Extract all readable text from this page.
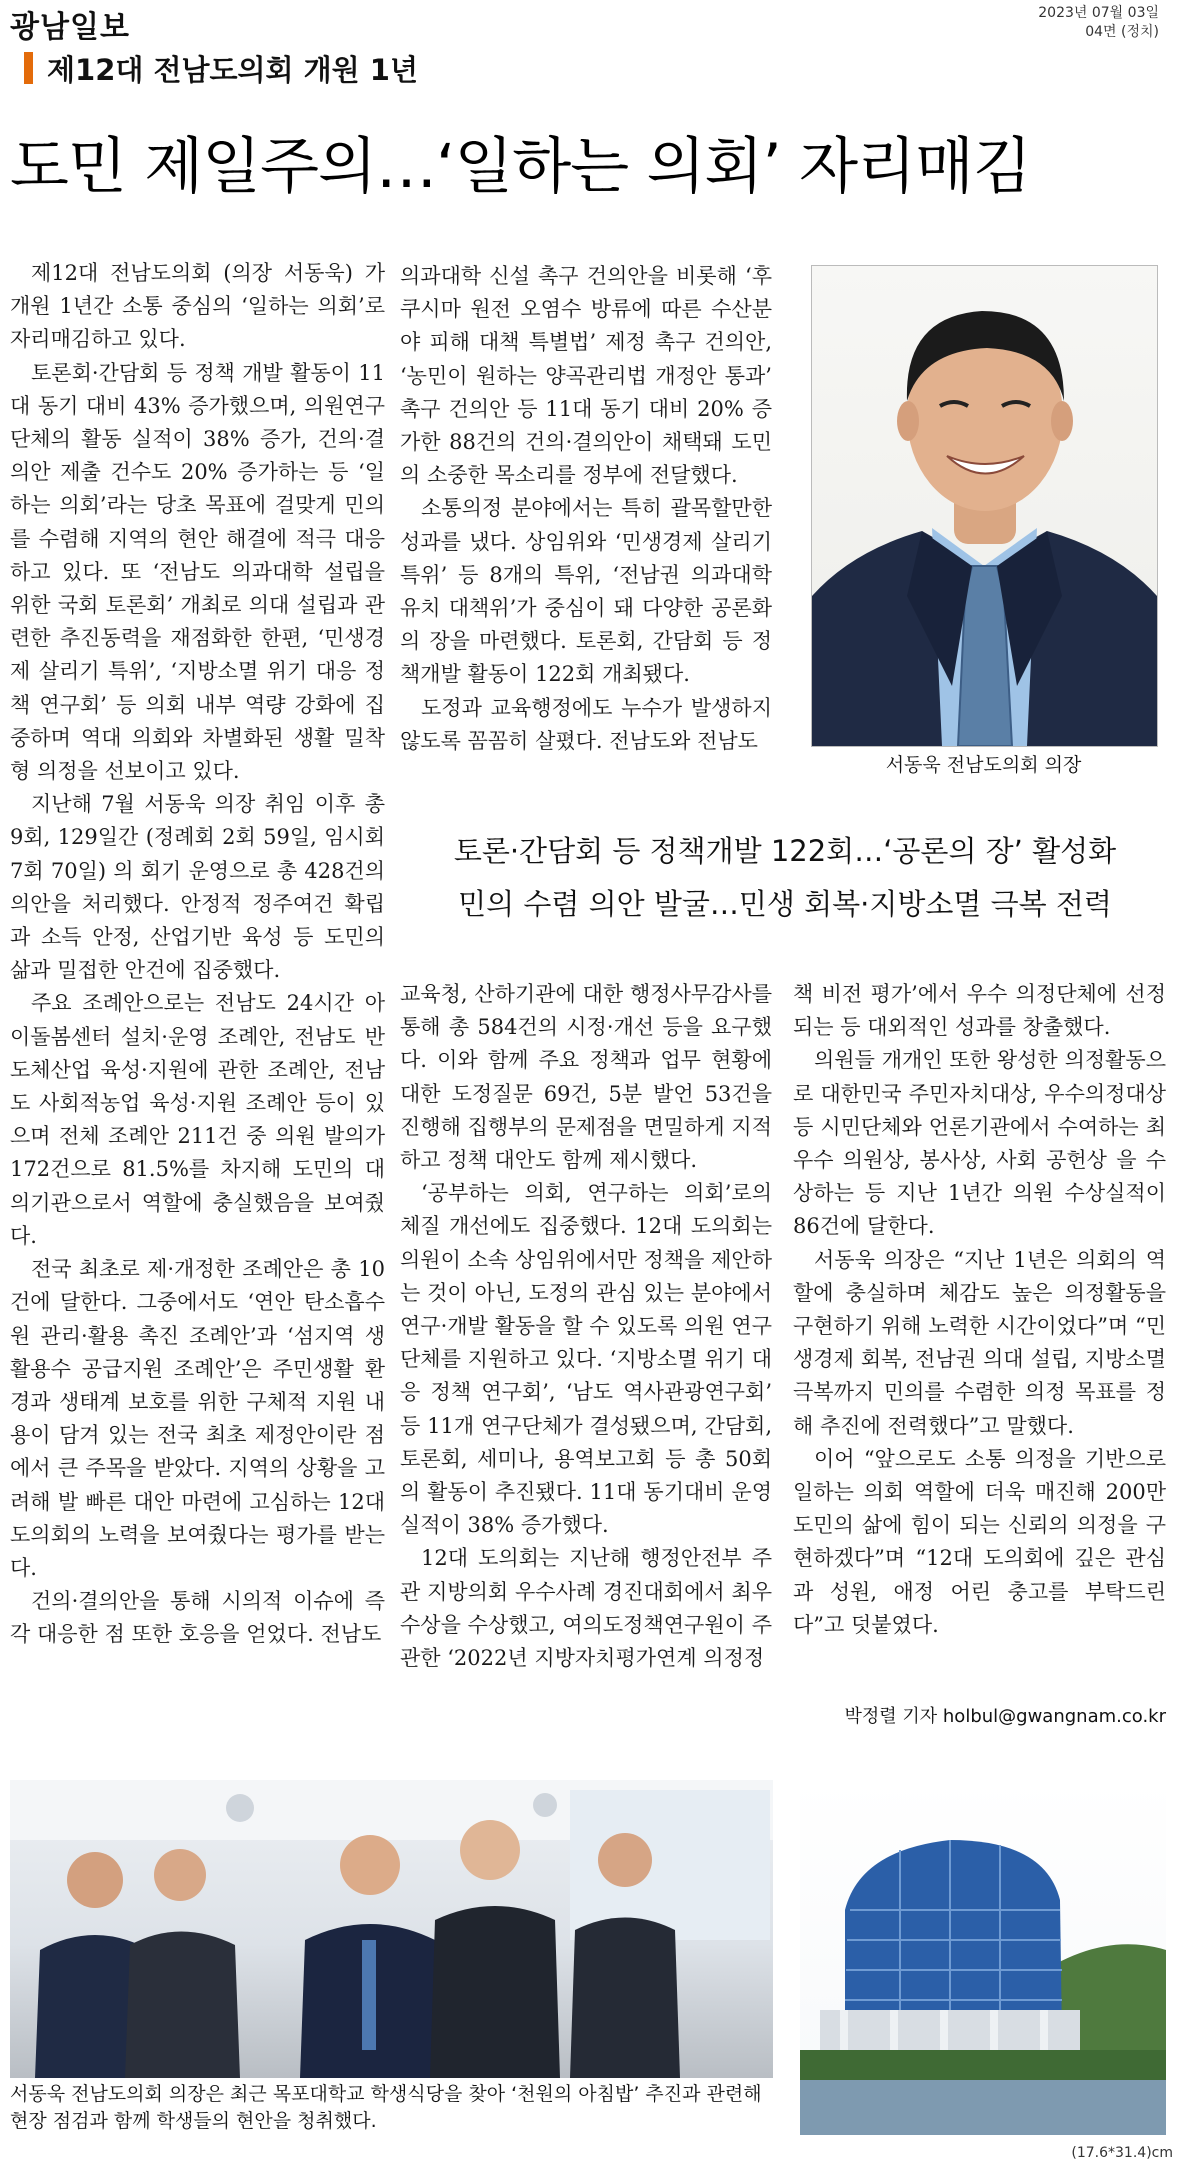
광남일보	2023년 07월 03일
04면 (정치)
제12대 전남도의회 개원 1년
도민 제일주의…‘일하는 의회’ 자리매김

제12대 전남도의회 (의장 서동욱) 가 개원 1년간 소통 중심의 ‘일하는 의회’로 자리매김하고 있다.

토론회·간담회 등 정책 개발 활동이 11대 동기 대비 43% 증가했으며, 의원연구단체의 활동 실적이 38% 증가, 건의·결의안 제출 건수도 20% 증가하는 등 ‘일하는 의회’라는 당초 목표에 걸맞게 민의를 수렴해 지역의 현안 해결에 적극 대응하고 있다. 또 ‘전남도 의과대학 설립을 위한 국회 토론회’ 개최로 의대 설립과 관련한 추진동력을 재점화한 한편, ‘민생경제 살리기 특위’, ‘지방소멸 위기 대응 정책 연구회’ 등 의회 내부 역량 강화에 집중하며 역대 의회와 차별화된 생활 밀착형 의정을 선보이고 있다.

지난해 7월 서동욱 의장 취임 이후 총 9회, 129일간 (정례회 2회 59일, 임시회 7회 70일) 의 회기 운영으로 총 428건의 의안을 처리했다. 안정적 정주여건 확립과 소득 안정, 산업기반 육성 등 도민의 삶과 밀접한 안건에 집중했다.

주요 조례안으로는 전남도 24시간 아이돌봄센터 설치·운영 조례안, 전남도 반도체산업 육성·지원에 관한 조례안, 전남도 사회적농업 육성·지원 조례안 등이 있으며 전체 조례안 211건 중 의원 발의가 172건으로 81.5%를 차지해 도민의 대의기관으로서 역할에 충실했음을 보여줬다.

전국 최초로 제·개정한 조례안은 총 10건에 달한다. 그중에서도 ‘연안 탄소흡수원 관리·활용 촉진 조례안’과 ‘섬지역 생활용수 공급지원 조례안’은 주민생활 환경과 생태계 보호를 위한 구체적 지원 내용이 담겨 있는 전국 최초 제정안이란 점에서 큰 주목을 받았다. 지역의 상황을 고려해 발 빠른 대안 마련에 고심하는 12대 도의회의 노력을 보여줬다는 평가를 받는다.

건의·결의안을 통해 시의적 이슈에 즉각 대응한 점 또한 호응을 얻었다. 전남도

의과대학 신설 촉구 건의안을 비롯해 ‘후쿠시마 원전 오염수 방류에 따른 수산분야 피해 대책 특별법’ 제정 촉구 건의안, ‘농민이 원하는 양곡관리법 개정안 통과’ 촉구 건의안 등 11대 동기 대비 20% 증가한 88건의 건의·결의안이 채택돼 도민의 소중한 목소리를 정부에 전달했다.

소통의정 분야에서는 특히 괄목할만한 성과를 냈다. 상임위와 ‘민생경제 살리기 특위’ 등 8개의 특위, ‘전남권 의과대학 유치 대책위’가 중심이 돼 다양한 공론화의 장을 마련했다. 토론회, 간담회 등 정책개발 활동이 122회 개최됐다.

도정과 교육행정에도 누수가 발생하지 않도록 꼼꼼히 살폈다. 전남도와 전남도

서동욱 전남도의회 의장
토론·간담회 등 정책개발 122회…‘공론의 장’ 활성화
민의 수렴 의안 발굴…민생 회복·지방소멸 극복 전력

교육청, 산하기관에 대한 행정사무감사를 통해 총 584건의 시정·개선 등을 요구했다. 이와 함께 주요 정책과 업무 현황에 대한 도정질문 69건, 5분 발언 53건을 진행해 집행부의 문제점을 면밀하게 지적하고 정책 대안도 함께 제시했다.

‘공부하는 의회, 연구하는 의회’로의 체질 개선에도 집중했다. 12대 도의회는 의원이 소속 상임위에서만 정책을 제안하는 것이 아닌, 도정의 관심 있는 분야에서 연구·개발 활동을 할 수 있도록 의원 연구단체를 지원하고 있다. ‘지방소멸 위기 대응 정책 연구회’, ‘남도 역사관광연구회’ 등 11개 연구단체가 결성됐으며, 간담회, 토론회, 세미나, 용역보고회 등 총 50회의 활동이 추진됐다. 11대 동기대비 운영 실적이 38% 증가했다.

12대 도의회는 지난해 행정안전부 주관 지방의회 우수사례 경진대회에서 최우수상을 수상했고, 여의도정책연구원이 주관한 ‘2022년 지방자치평가연계 의정정

책 비전 평가’에서 우수 의정단체에 선정되는 등 대외적인 성과를 창출했다.

의원들 개개인 또한 왕성한 의정활동으로 대한민국 주민자치대상, 우수의정대상 등 시민단체와 언론기관에서 수여하는 최우수 의원상, 봉사상, 사회 공헌상 을 수상하는 등 지난 1년간 의원 수상실적이 86건에 달한다.

서동욱 의장은 “지난 1년은 의회의 역할에 충실하며 체감도 높은 의정활동을 구현하기 위해 노력한 시간이었다”며 “민생경제 회복, 전남권 의대 설립, 지방소멸 극복까지 민의를 수렴한 의정 목표를 정해 추진에 전력했다”고 말했다.

이어 “앞으로도 소통 의정을 기반으로 일하는 의회 역할에 더욱 매진해 200만 도민의 삶에 힘이 되는 신뢰의 의정을 구현하겠다”며 “12대 도의회에 깊은 관심과 성원, 애정 어린 충고를 부탁드린다”고 덧붙였다.

박정렬 기자 holbul@gwangnam.co.kr
서동욱 전남도의회 의장은 최근 목포대학교 학생식당을 찾아 ‘천원의 아침밥’ 추진과 관련해 현장 점검과 함께 학생들의 현안을 청취했다.
(17.6*31.4)cm
